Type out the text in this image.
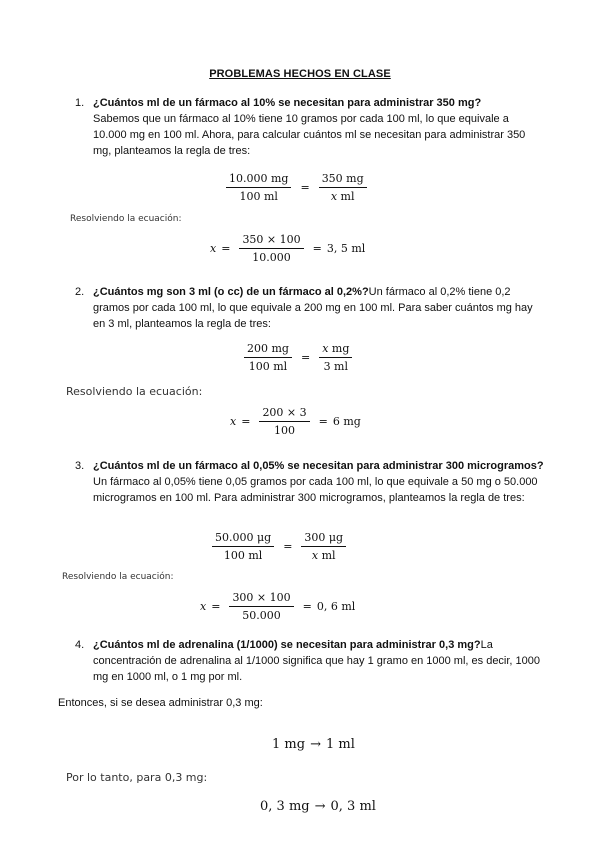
PROBLEMAS HECHOS EN CLASE
1. ¿Cuántos ml de un fármaco al 10% se necesitan para administrar 350 mg?
Sabemos que un fármaco al 10% tiene 10 gramos por cada 100 ml, lo que equivale a 10.000 mg en 100 ml. Ahora, para calcular cuántos ml se necesitan para administrar 350 mg, planteamos la regla de tres:
$\frac{10.000 mg}{100 ml} = \frac{350 mg}{\text{x ml}}$
Resolviendo la ecuación:
$x = \frac{350 \times 100}{10.000} = 3$, 5 ml
2. ¿Cuántos mg son 3 ml (o cc) de un fármaco al 0,2%?Un fármaco al 0,2% tiene 0,2 gramos por cada 100 ml, lo que equivale a 200 mg en 100 ml. Para saber cuántos mg hay en 3 ml, planteamos la regla de tres:
$\frac{200 mg}{100 ml} = \frac{\text{x mg}}{3 ml}$
Resolviendo la ecuación:
$x = \frac{200 \times 3}{100} = 6$ mg
3. ¿Cuántos ml de un fármaco al 0,05% se necesitan para administrar 300 microgramos?Un fármaco al 0,05% tiene 0,05 gramos por cada 100 ml, lo que equivale a 50 mg o 50.000 microgramos en 100 ml. Para administrar 300 microgramos, planteamos la regla de tres:
$\frac{50.000 \mu g}{100 ml} = \frac{300 \mu g}{\text{x ml}}$
Resolviendo la ecuación:
$x = \frac{300 \times 100}{50.000} = 0$, 6 ml
4. ¿Cuántos ml de adrenalina (1/1000) se necesitan para administrar 0,3 mg?La concentración de adrenalina al 1/1000 significa que hay 1 gramo en 1000 ml, es decir, 1000 mg en 1000 ml, o 1 mg por ml.
Entonces, si se desea administrar 0,3 mg:
1 mg → 1 ml
Por lo tanto, para 0,3 mg:
0, 3 mg → 0, 3 ml
